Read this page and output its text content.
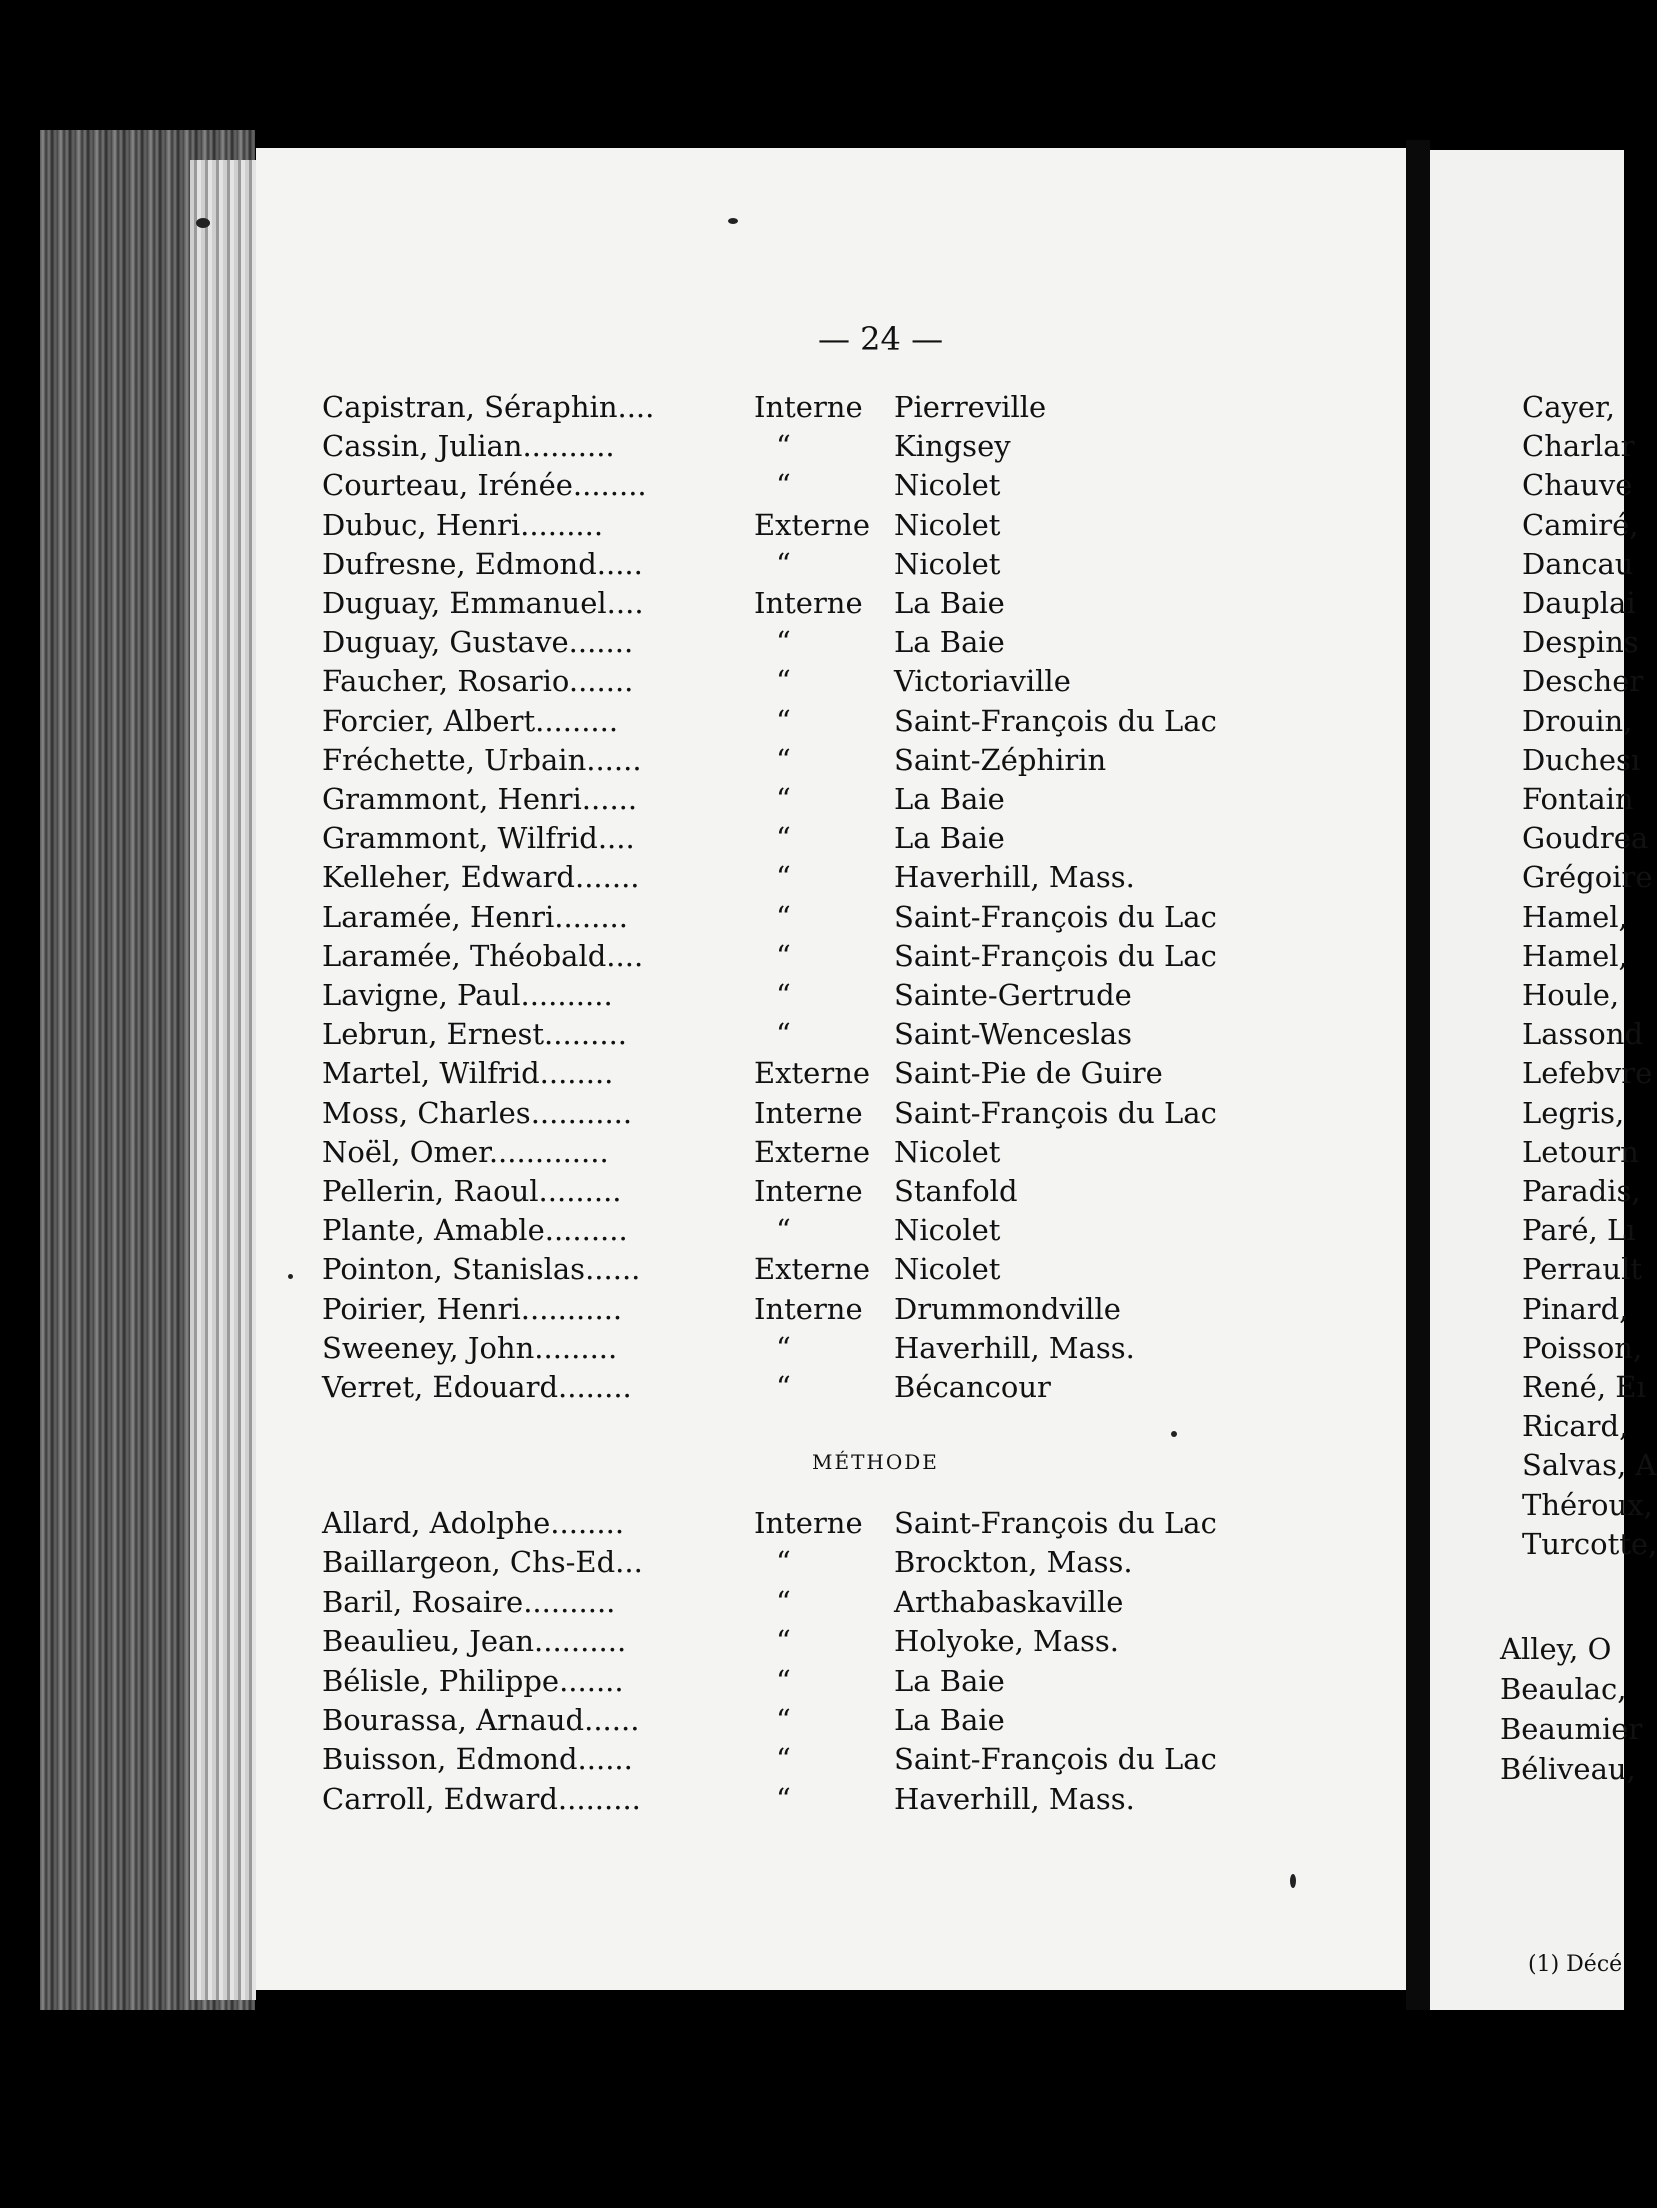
— 24 —
Capistran, Séraphin....	Interne Pierreville
Cassin, Julian..........	“	Kingsey
Courteau, Irénée........	“	Nicolet
Dubuc, Henri.........	Externe Nicolet
Dufresne, Edmond.....	“	Nicolet
Duguay, Emmanuel....	Interne La Baie
Duguay, Gustave.......	“	La Baie
Faucher, Rosario.......	“	Victoriaville
Forcier, Albert.........	“	Saint-François du Lac
Fréchette, Urbain......	“	Saint-Zéphirin
Grammont, Henri......	“	La Baie
Grammont, Wilfrid....	“	La Baie
Kelleher, Edward.......	“	Haverhill, Mass.
Laramée, Henri........	“	Saint-François du Lac
Laramée, Théobald....	“	Saint-François du Lac
Lavigne, Paul..........	“	Sainte-Gertrude
Lebrun, Ernest.........	“	Saint-Wenceslas
Martel, Wilfrid........	Externe Saint-Pie de Guire
Moss, Charles...........	Interne Saint-François du Lac
Noël, Omer.............	Externe Nicolet
Pellerin, Raoul.........	Interne Stanfold
Plante, Amable.........	“	Nicolet
Pointon, Stanislas......	Externe Nicolet
Poirier, Henri...........	Interne Drummondville
Sweeney, John.........	“	Haverhill, Mass.
Verret, Edouard........	“	Bécancour
MÉTHODE
Allard, Adolphe........	Interne Saint-François du Lac
Baillargeon, Chs-Ed...	“	Brockton, Mass.
Baril, Rosaire..........	“	Arthabaskaville
Beaulieu, Jean..........	“	Holyoke, Mass.
Bélisle, Philippe.......	“	La Baie
Bourassa, Arnaud......	“	La Baie
Buisson, Edmond......	“	Saint-François du Lac
Carroll, Edward.........	“	Haverhill, Mass.
(1) Décé
Cayer,
Charlar
Chauve
Camiré,
Dancau
Dauplai
Despins
Descher
Drouin,
Duchesı
Fontain
Goudrea
Grégoire
Hamel,
Hamel,
Houle,
Lassond
Lefebvre
Legris,
Letourn
Paradis,
Paré, Lı
Perrault
Pinard,
Poisson,
René, Eı
Ricard,
Salvas, A
Théroux,
Turcotte,
Alley, O
Beaulac,
Beaumier
Béliveau,
